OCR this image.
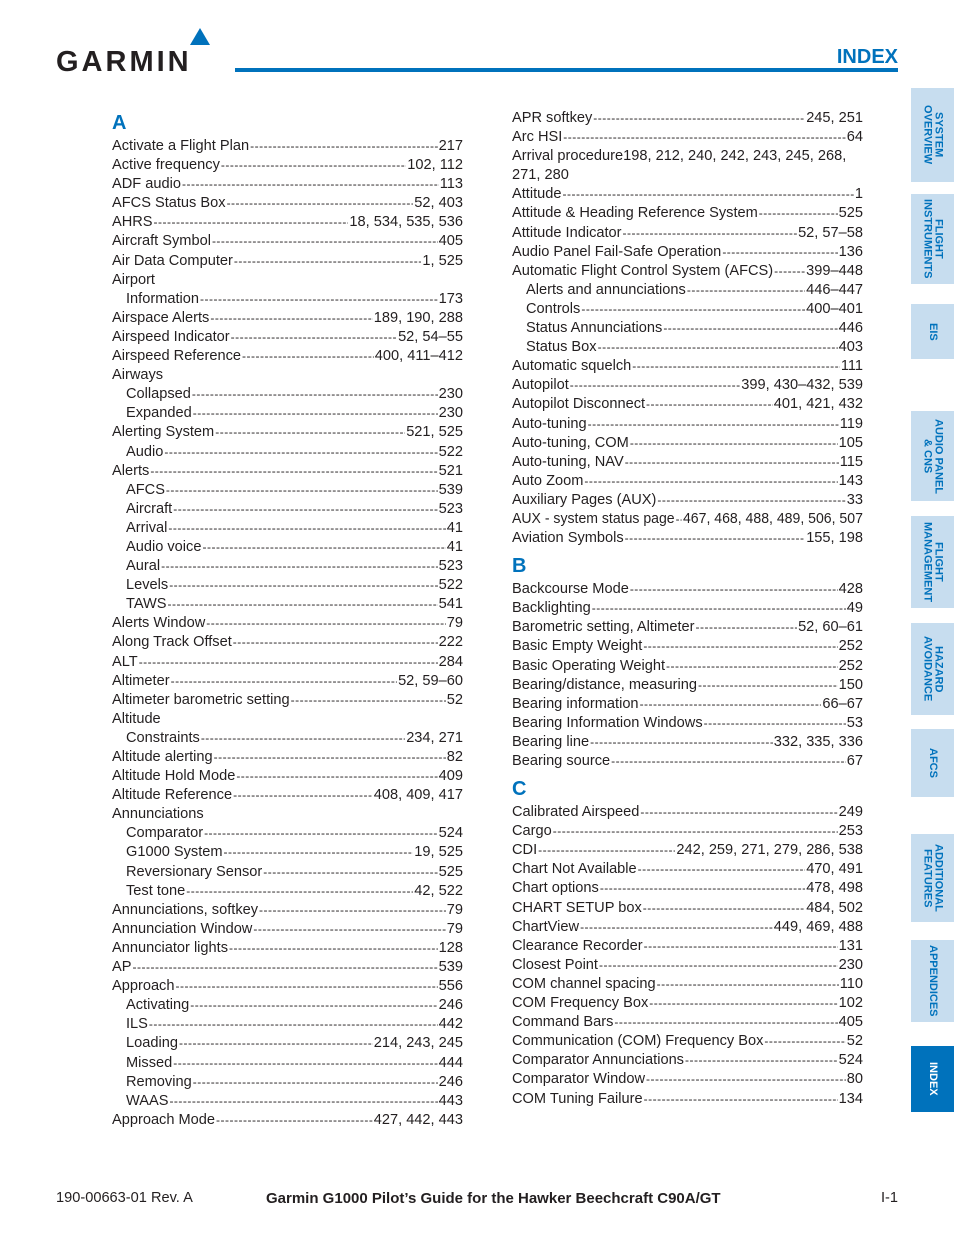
GARMIN	INDEX
A
Activate a Flight Plan -----	217
Active frequency -----	102, 112
ADF audio -----	113
AFCS Status Box -----	52, 403
AHRS -----	18, 534, 535, 536
Aircraft Symbol -----	405
Air Data Computer -----	1, 525
Airport
Information -----	173
Airspace Alerts -----	189, 190, 288
Airspeed Indicator -----	52, 54–55
Airspeed Reference -----	400, 411–412
Airways
Collapsed -----	230
Expanded -----	230
Alerting System -----	521, 525
Audio -----	522
Alerts -----	521
AFCS -----	539
Aircraft -----	523
Arrival -----	41
Audio voice -----	41
Aural -----	523
Levels -----	522
TAWS -----	541
Alerts Window -----	79
Along Track Offset -----	222
ALT -----	284
Altimeter -----	52, 59–60
Altimeter barometric setting -----	52
Altitude
Constraints -----	234, 271
Altitude alerting -----	82
Altitude Hold Mode -----	409
Altitude Reference -----	408, 409, 417
Annunciations
Comparator -----	524
G1000 System -----	19, 525
Reversionary Sensor -----	525
Test tone -----	42, 522
Annunciations, softkey -----	79
Annunciation Window -----	79
Annunciator lights -----	128
AP -----	539
Approach -----	556
Activating -----	246
ILS -----	442
Loading -----	214, 243, 245
Missed -----	444
Removing -----	246
WAAS -----	443
Approach Mode -----	427, 442, 443
APR softkey -----	245, 251
Arc HSI -----	64
Arrival procedure198, 212, 240, 242, 243, 245, 268, 271, 280
Attitude -----	1
Attitude & Heading Reference System -----	525
Attitude Indicator -----	52, 57–58
Audio Panel Fail-Safe Operation -----	136
Automatic Flight Control System (AFCS) ----- 399–448
Alerts and annunciations -----	446–447
Controls -----	400–401
Status Annunciations -----	446
Status Box -----	403
Automatic squelch -----	111
Autopilot -----	399, 430–432, 539
Autopilot Disconnect -----	401, 421, 432
Auto-tuning -----	119
Auto-tuning, COM -----	105
Auto-tuning, NAV -----	115
Auto Zoom -----	143
Auxiliary Pages (AUX) -----	33
AUX - system status page ----- 467, 468, 488, 489, 506, 507
Aviation Symbols -----	155, 198
B
Backcourse Mode -----	428
Backlighting -----	49
Barometric setting, Altimeter -----	52, 60–61
Basic Empty Weight -----	252
Basic Operating Weight -----	252
Bearing/distance, measuring -----	150
Bearing information -----	66–67
Bearing Information Windows -----	53
Bearing line -----	332, 335, 336
Bearing source -----	67
C
Calibrated Airspeed -----	249
Cargo -----	253
CDI -----	242, 259, 271, 279, 286, 538
Chart Not Available -----	470, 491
Chart options -----	478, 498
CHART SETUP box -----	484, 502
ChartView -----	449, 469, 488
Clearance Recorder -----	131
Closest Point -----	230
COM channel spacing -----	110
COM Frequency Box -----	102
Command Bars -----	405
Communication (COM) Frequency Box -----	52
Comparator Annunciations -----	524
Comparator Window -----	80
COM Tuning Failure -----	134
SYSTEM
OVERVIEW
FLIGHT
INSTRUMENTS
EIS
AUDIO PANEL
& CNS
FLIGHT
MANAGEMENT
HAZARD
AVOIDANCE
AFCS
ADDITIONAL
FEATURES
APPENDICES
INDEX
190-00663-01 Rev. A	Garmin G1000 Pilot’s Guide for the Hawker Beechcraft C90A/GT	I-1
